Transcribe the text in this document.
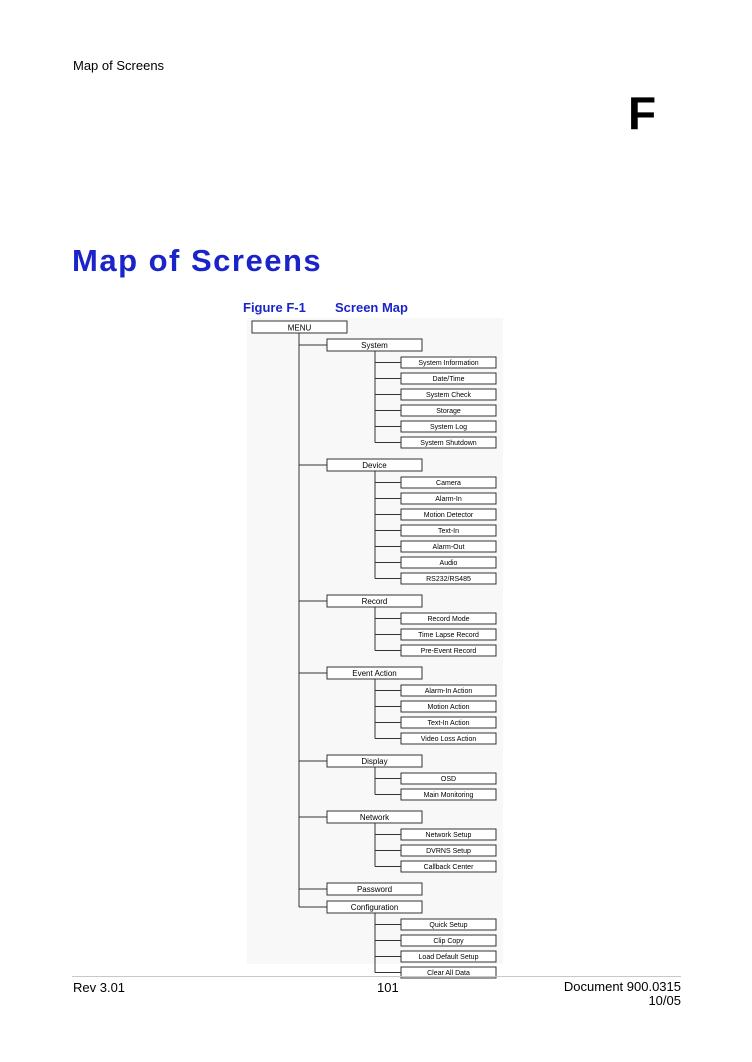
Map of Screens
F
Map of Screens
Figure F-1 Screen Map
MENU
System
System Information
Date/Time
System Check
Storage
System Log
System Shutdown
Device
Camera
Alarm-In
Motion Detector
Text-In
Alarm-Out
Audio
RS232/RS485
Record
Record Mode
Time Lapse Record
Pre-Event Record
Event Action
Alarm-In Action
Motion Action
Text-In Action
Video Loss Action
Display
OSD
Main Monitoring
Network
Network Setup
DVRNS Setup
Callback Center
Password
Configuration
Quick Setup
Clip Copy
Load Default Setup
Clear All Data
Rev 3.01	101	Document 900.0315
10/05
